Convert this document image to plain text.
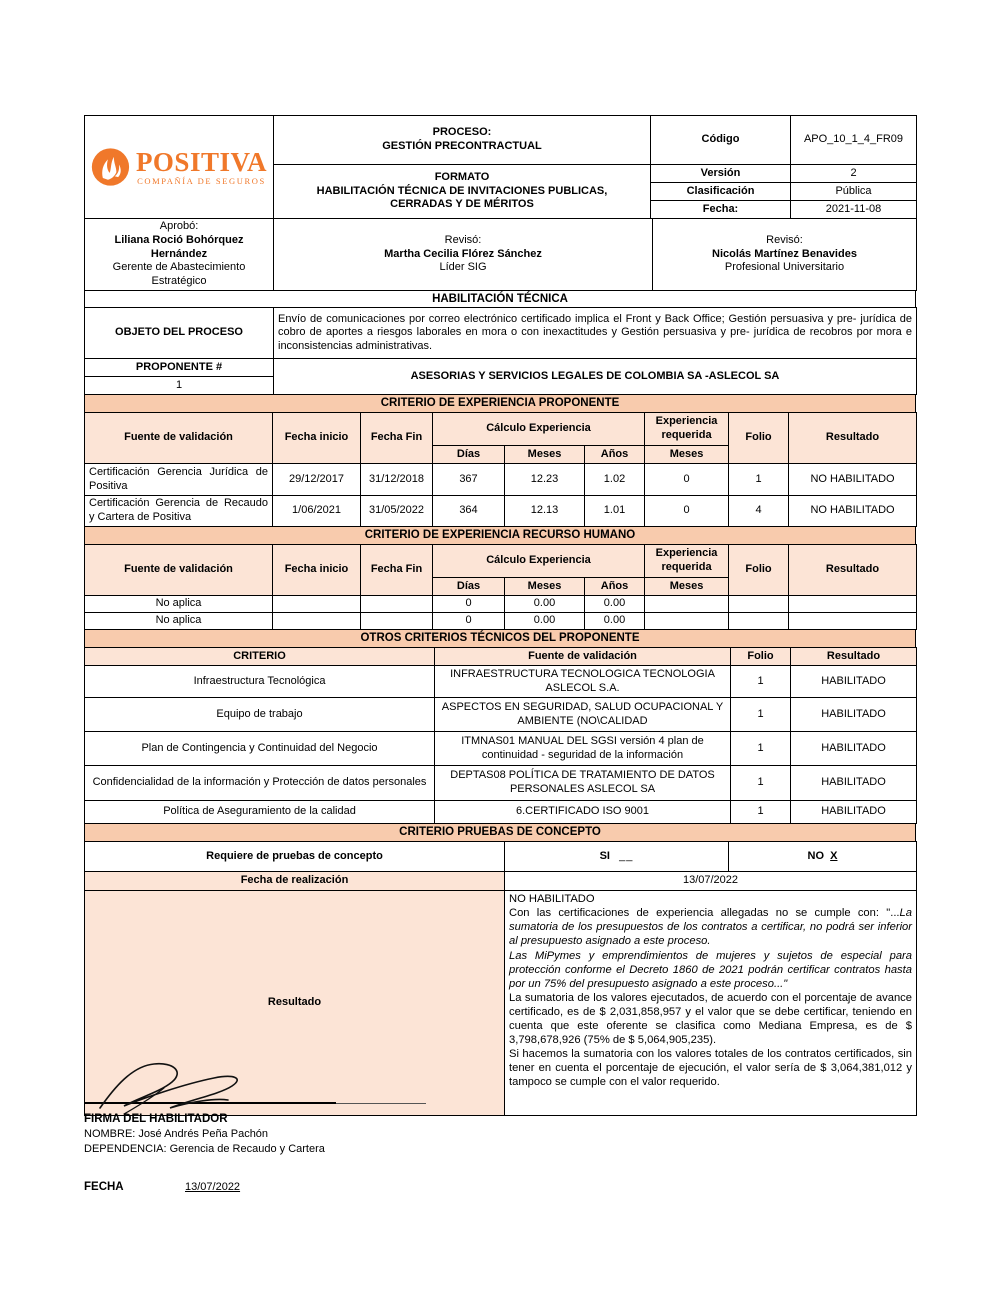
POSITIVA
COMPAÑÍA DE SEGUROS

PROCESO:
GESTIÓN PRECONTRACTUAL
	Código	APO_10_1_4_FR09

	FORMATO
HABILITACIÓN TÉCNICA DE INVITACIONES PUBLICAS,
CERRADAS Y DE MÉRITOS	Versión	2
		Clasificación	Pública
		Fecha:	2021-11-08
Aprobó:
Liliana Roció Bohórquez Hernández
Gerente de Abastecimiento Estratégico

Revisó:
Martha Cecilia Flórez Sánchez
Líder SIG

Revisó:
Nicolás Martínez Benavides
Profesional Universitario
HABILITACIÓN TÉCNICA
OBJETO DEL PROCESO	Envío de comunicaciones por correo electrónico certificado implica el Front y Back Office; Gestión persuasiva y pre- jurídica de cobro de aportes a riesgos laborales en mora o con inexactitudes y Gestión persuasiva y pre- jurídica de recobros por mora e inconsistencias administrativas.
PROPONENTE #	ASESORIAS Y SERVICIOS LEGALES DE COLOMBIA SA -ASLECOL SA
1	
CRITERIO DE EXPERIENCIA PROPONENTE
Fuente de validación	Fecha inicio	Fecha Fin	Cálculo Experiencia			Experiencia requerida	Folio	Resultado
			Días	Meses	Años	Meses		
Certificación Gerencia Jurídica de Positiva	29/12/2017	31/12/2018	367	12.23	1.02	0	1	NO HABILITADO
Certificación Gerencia de Recaudo y Cartera de Positiva	1/06/2021	31/05/2022	364	12.13	1.01	0	4	NO HABILITADO
CRITERIO DE EXPERIENCIA RECURSO HUMANO
Fuente de validación	Fecha inicio	Fecha Fin	Cálculo Experiencia			Experiencia requerida	Folio	Resultado
			Días	Meses	Años	Meses		
No aplica			0	0.00	0.00			
No aplica			0	0.00	0.00			
OTROS CRITERIOS TÉCNICOS DEL PROPONENTE
CRITERIO	Fuente de validación	Folio	Resultado
Infraestructura Tecnológica	INFRAESTRUCTURA TECNOLOGICA TECNOLOGIA ASLECOL S.A.	1	HABILITADO
Equipo de trabajo	ASPECTOS EN SEGURIDAD, SALUD OCUPACIONAL Y AMBIENTE (NO\CALIDAD	1	HABILITADO
Plan de Contingencia y Continuidad del Negocio	ITMNAS01 MANUAL DEL SGSI versión 4 plan de continuidad - seguridad de la información	1	HABILITADO
Confidencialidad de la información y Protección de datos personales	DEPTAS08 POLÍTICA DE TRATAMIENTO DE DATOS PERSONALES ASLECOL SA	1	HABILITADO
Política de Aseguramiento de la calidad	6.CERTIFICADO ISO 9001	1	HABILITADO
CRITERIO PRUEBAS DE CONCEPTO
Requiere de pruebas de concepto	SI __	NO X
Fecha de realización	13/07/2022	
Resultado	NO HABILITADO
Con las certificaciones de experiencia allegadas no se cumple con: "...La sumatoria de los presupuestos de los contratos a certificar, no podrá ser inferior al presupuesto asignado a este proceso.
Las MiPymes y emprendimientos de mujeres y sujetos de especial para protección conforme el Decreto 1860 de 2021 podrán certificar contratos hasta por un 75% del presupuesto asignado a este proceso..."
La sumatoria de los valores ejecutados, de acuerdo con el porcentaje de avance certificado, es de $ 2,031,858,957 y el valor que se debe certificar, teniendo en cuenta que este oferente se clasifica como Mediana Empresa, es de $ 3,798,678,926 (75% de $ 5,064,905,235).
Si hacemos la sumatoria con los valores totales de los contratos certificados, sin tener en cuenta el porcentaje de ejecución, el valor sería de $ 3,064,381,012 y tampoco se cumple con el valor requerido.	
FIRMA DEL HABILITADOR
NOMBRE: José Andrés Peña Pachón
DEPENDENCIA: Gerencia de Recaudo y Cartera
FECHA	13/07/2022
